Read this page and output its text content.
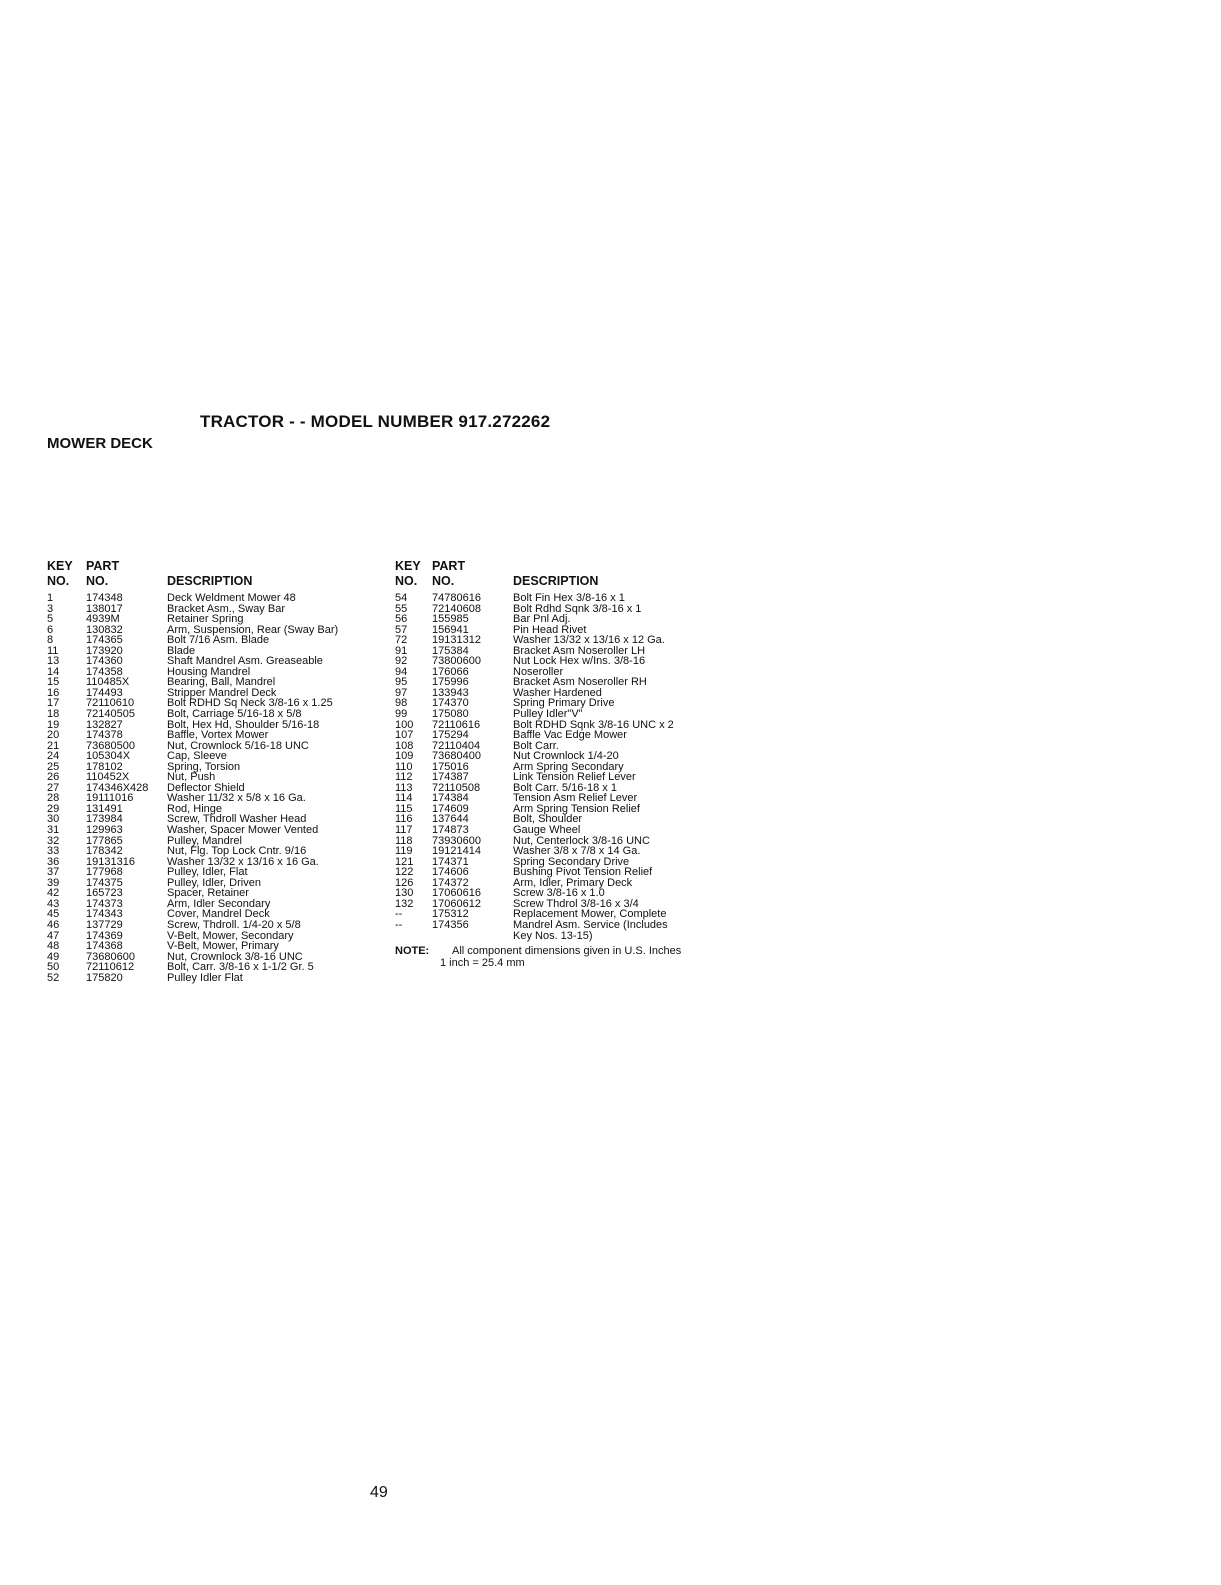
TRACTOR - - MODEL NUMBER 917.272262
MOWER DECK
KEY
NO.
PART
NO.	DESCRIPTION
1	174348	Deck Weldment Mower 48
3	138017	Bracket Asm., Sway Bar
5	4939M	Retainer Spring
6	130832	Arm, Suspension, Rear (Sway Bar)
8	174365	Bolt 7/16 Asm. Blade
11	173920	Blade
13 174360	Shaft Mandrel Asm. Greaseable
14 174358	Housing Mandrel
15 110485X	Bearing, Ball, Mandrel
16 174493	Stripper Mandrel Deck
17 72110610	Bolt RDHD Sq Neck 3/8-16 x 1.25
18 72140505	Bolt, Carriage 5/16-18 x 5/8
19 132827	Bolt, Hex Hd, Shoulder 5/16-18
20 174378	Baffle, Vortex Mower
21 73680500	Nut, Crownlock 5/16-18 UNC
24 105304X	Cap, Sleeve
25 178102	Spring, Torsion
26 110452X	Nut, Push
27 174346X428 Deflector Shield
28 19111016	Washer 11/32 x 5/8 x 16 Ga.
29 131491	Rod, Hinge
30 173984	Screw, Thdroll Washer Head
31 129963	Washer, Spacer Mower Vented
32 177865	Pulley, Mandrel
33 178342	Nut, Flg. Top Lock Cntr. 9/16
36 19131316	Washer 13/32 x 13/16 x 16 Ga.
37 177968	Pulley, Idler, Flat
39 174375	Pulley, Idler, Driven
42 165723	Spacer, Retainer
43 174373	Arm, Idler Secondary
45 174343	Cover, Mandrel Deck
46 137729	Screw, Thdroll. 1/4-20 x 5/8
47 174369	V-Belt, Mower, Secondary
48 174368	V-Belt, Mower, Primary
49 73680600	Nut, Crownlock 3/8-16 UNC
50 72110612	Bolt, Carr. 3/8-16 x 1-1/2 Gr. 5
52 175820	Pulley Idler Flat
KEY
NO.
PART
NO.	DESCRIPTION
54 74780616	Bolt Fin Hex 3/8-16 x 1
55 72140608	Bolt Rdhd Sqnk 3/8-16 x 1
56 155985	Bar Pnl Adj.
57 156941	Pin Head Rivet
72 19131312	Washer 13/32 x 13/16 x 12 Ga.
91 175384	Bracket Asm Noseroller LH
92 73800600	Nut Lock Hex w/Ins. 3/8-16
94 176066	Noseroller
95 175996	Bracket Asm Noseroller RH
97 133943	Washer Hardened
98 174370	Spring Primary Drive
99 175080	Pulley Idler"V"
100 72110616	Bolt RDHD Sqnk 3/8-16 UNC x 2
107 175294	Baffle Vac Edge Mower
108 72110404	Bolt Carr.
109 73680400	Nut Crownlock 1/4-20
110 175016	Arm Spring Secondary
112 174387	Link Tension Relief Lever
113 72110508	Bolt Carr. 5/16-18 x 1
114 174384	Tension Asm Relief Lever
115 174609	Arm Spring Tension Relief
116 137644	Bolt, Shoulder
117 174873	Gauge Wheel
118 73930600	Nut, Centerlock 3/8-16 UNC
119 19121414	Washer 3/8 x 7/8 x 14 Ga.
121 174371	Spring Secondary Drive
122 174606	Bushing Pivot Tension Relief
126 174372	Arm, Idler, Primary Deck
130 17060616	Screw 3/8-16 x 1.0
132 17060612	Screw Thdrol 3/8-16 x 3/4
--	175312	Replacement Mower, Complete
--	174356	Mandrel Asm. Service (Includes
Key Nos. 13-15)
NOTE: All component dimensions given in U.S. Inches
1 inch = 25.4 mm
49
